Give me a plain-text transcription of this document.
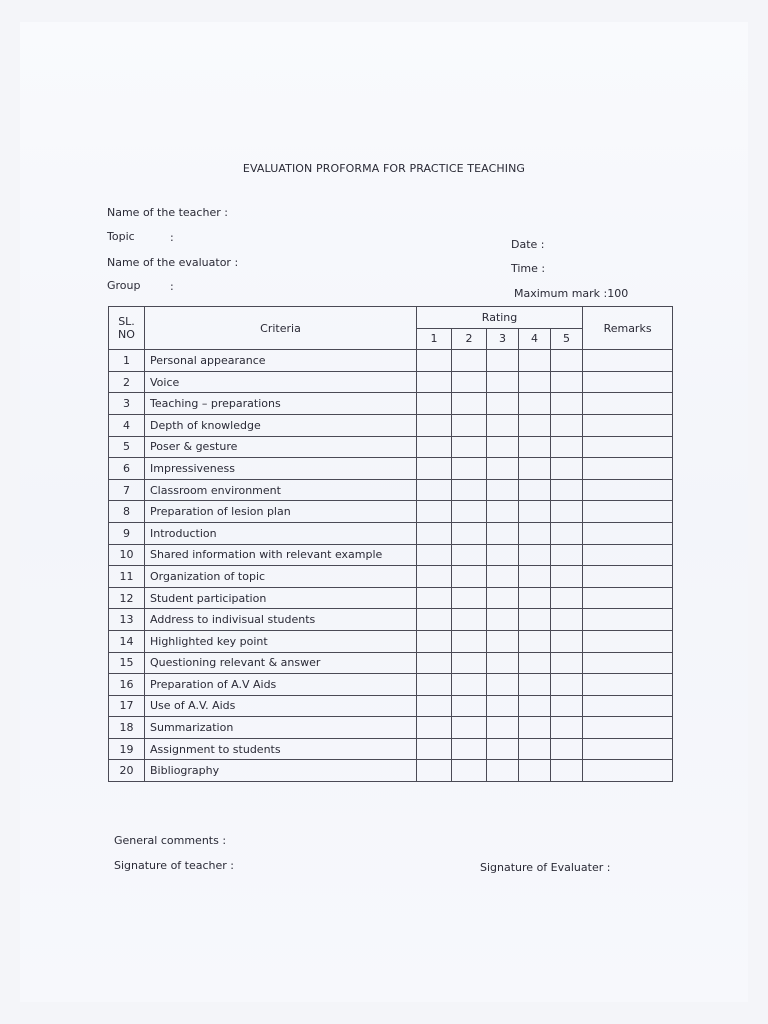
EVALUATION PROFORMA FOR PRACTICE TEACHING
Name of the teacher :
Topic	:
Name of the evaluator :
Group	:
Date :
Time :
Maximum mark :100
SL.
NO	Criteria	Rating					Remarks
		1	2	3	4	5	
1	Personal appearance						
2	Voice						
3	Teaching – preparations						
4	Depth of knowledge						
5	Poser & gesture						
6	Impressiveness						
7	Classroom environment						
8	Preparation of lesion plan						
9	Introduction						
10	Shared information with relevant example						
11	Organization of topic						
12	Student participation						
13	Address to indivisual students						
14	Highlighted key point						
15	Questioning relevant & answer						
16	Preparation of A.V Aids						
17	Use of A.V. Aids						
18	Summarization						
19	Assignment to students						
20	Bibliography						
General comments :
Signature of teacher :	Signature of Evaluater :
